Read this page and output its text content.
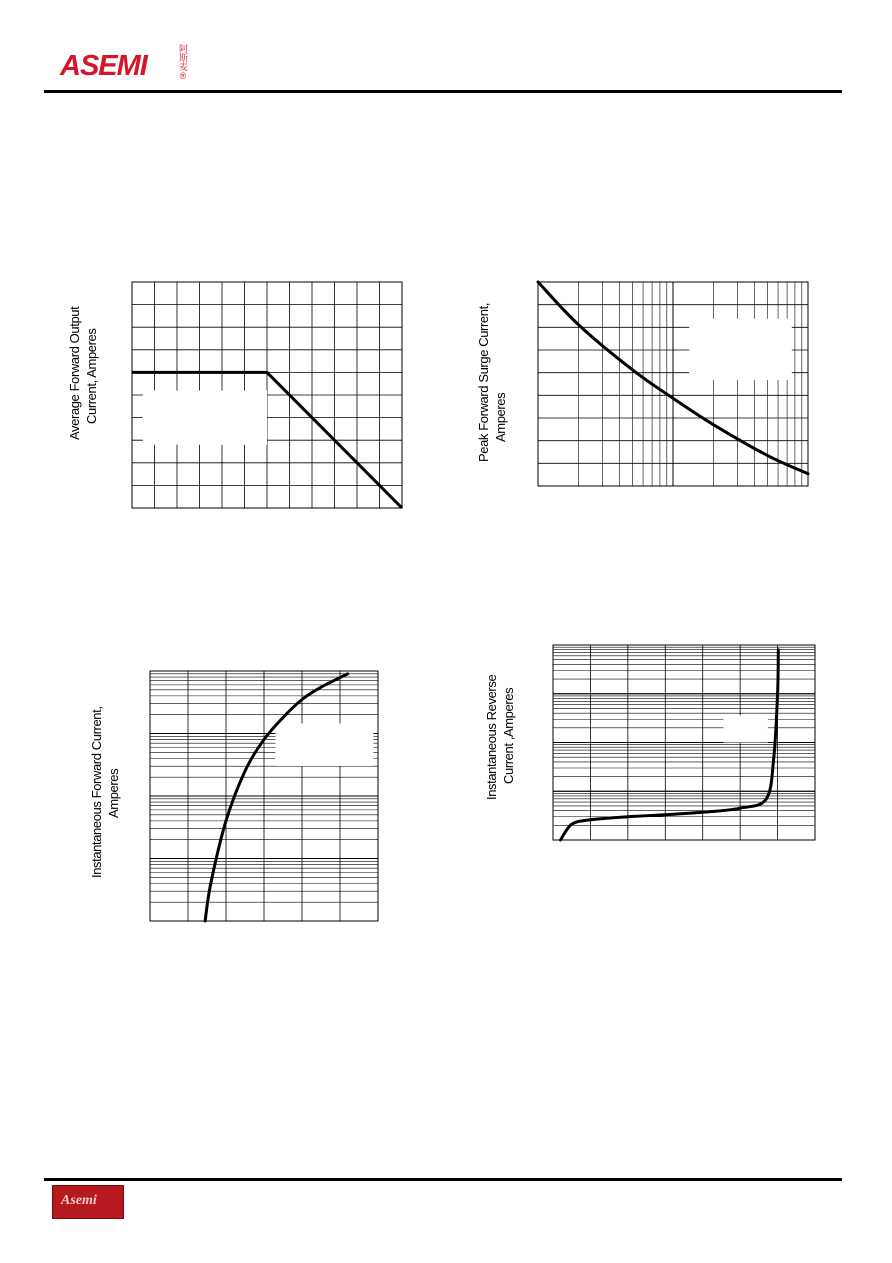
ASEMI	阿斯麦®
Average Forward Output Current, Amperes	Peak Forward Surge Current, Amperes
Instantaneous Forward Current, Amperes	Instantaneous Reverse Current ,Amperes
Asemi
